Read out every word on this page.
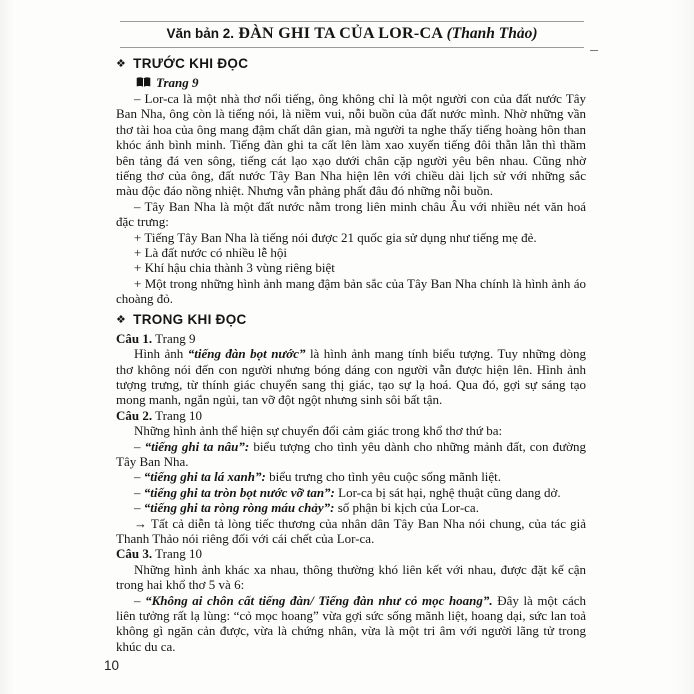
Văn bản 2. ĐÀN GHI TA CỦA LOR-CA (Thanh Thảo)
❖ TRƯỚC KHI ĐỌC
Trang 9
– Lor-ca là một nhà thơ nổi tiếng, ông không chỉ là một người con của đất nước Tây Ban Nha, ông còn là tiếng nói, là niềm vui, nỗi buồn của đất nước mình. Nhờ những vần thơ tài hoa của ông mang đậm chất dân gian, mà người ta nghe thấy tiếng hoàng hôn than khóc ánh bình minh. Tiếng đàn ghi ta cất lên làm xao xuyến tiếng đôi thằn lằn thì thầm bên tảng đá ven sông, tiếng cát lạo xạo dưới chân cặp người yêu bên nhau. Cũng nhờ tiếng thơ của ông, đất nước Tây Ban Nha hiện lên với chiều dài lịch sử với những sắc màu độc đáo nồng nhiệt. Nhưng vẫn phảng phất đâu đó những nỗi buồn.
– Tây Ban Nha là một đất nước nằm trong liên minh châu Âu với nhiều nét văn hoá đặc trưng:
+ Tiếng Tây Ban Nha là tiếng nói được 21 quốc gia sử dụng như tiếng mẹ đẻ.
+ Là đất nước có nhiều lễ hội
+ Khí hậu chia thành 3 vùng riêng biệt
+ Một trong những hình ảnh mang đậm bản sắc của Tây Ban Nha chính là hình ảnh áo choàng đỏ.
❖ TRONG KHI ĐỌC
Câu 1. Trang 9
Hình ảnh “tiếng đàn bọt nước” là hình ảnh mang tính biểu tượng. Tuy những dòng thơ không nói đến con người nhưng bóng dáng con người vẫn được hiện lên. Hình ảnh tượng trưng, từ thính giác chuyển sang thị giác, tạo sự lạ hoá. Qua đó, gợi sự sáng tạo mong manh, ngắn ngủi, tan vỡ đột ngột nhưng sinh sôi bất tận.
Câu 2. Trang 10
Những hình ảnh thể hiện sự chuyển đổi cảm giác trong khổ thơ thứ ba:
– “tiếng ghi ta nâu”: biểu tượng cho tình yêu dành cho những mảnh đất, con đường Tây Ban Nha.
– “tiếng ghi ta lá xanh”: biểu trưng cho tình yêu cuộc sống mãnh liệt.
– “tiếng ghi ta tròn bọt nước vỡ tan”: Lor-ca bị sát hại, nghệ thuật cũng dang dở.
– “tiếng ghi ta ròng ròng máu chảy”: số phận bi kịch của Lor-ca.
→ Tất cả diễn tả lòng tiếc thương của nhân dân Tây Ban Nha nói chung, của tác giả Thanh Thảo nói riêng đối với cái chết của Lor-ca.
Câu 3. Trang 10
Những hình ảnh khác xa nhau, thông thường khó liên kết với nhau, được đặt kế cận trong hai khổ thơ 5 và 6:
– “Không ai chôn cất tiếng đàn/ Tiếng đàn như cỏ mọc hoang”. Đây là một cách liên tưởng rất lạ lùng: “cỏ mọc hoang” vừa gợi sức sống mãnh liệt, hoang dại, sức lan toả không gì ngăn cản được, vừa là chứng nhân, vừa là một tri âm với người lãng tử trong khúc du ca.
10
